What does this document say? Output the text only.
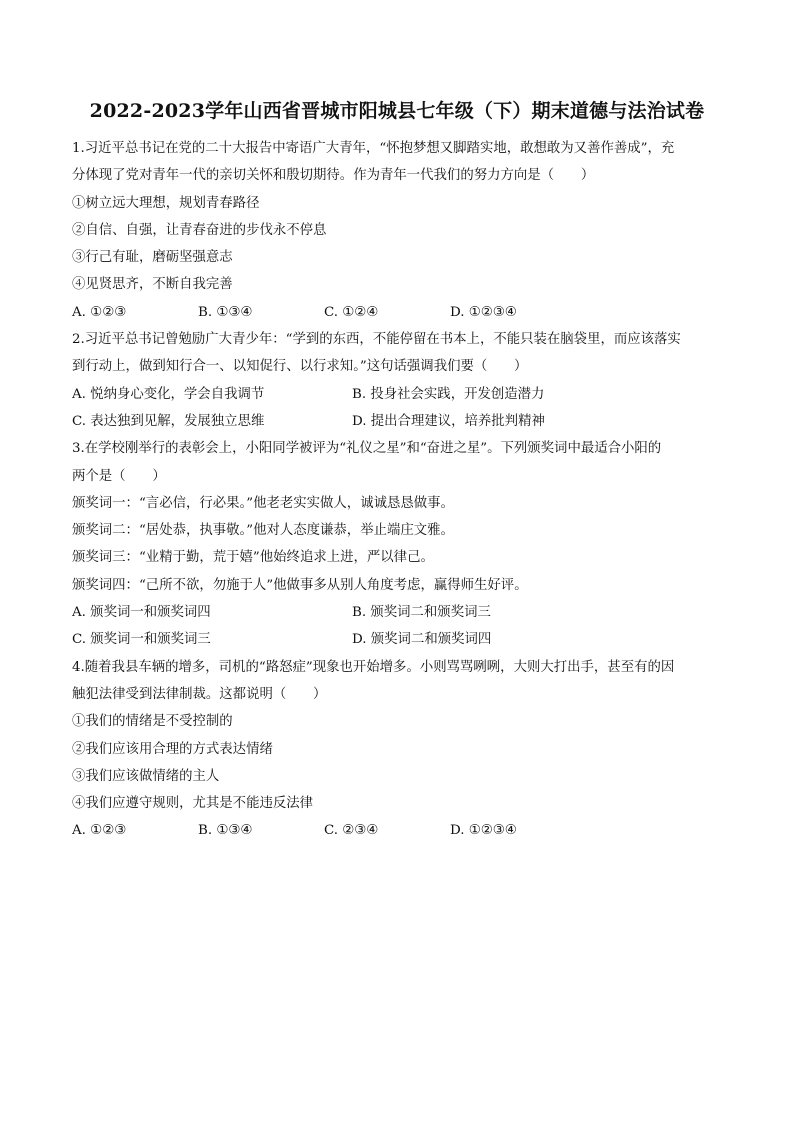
2022-2023学年山西省晋城市阳城县七年级（下）期末道德与法治试卷
1.习近平总书记在党的二十大报告中寄语广大青年，“怀抱梦想又脚踏实地，敢想敢为又善作善成”，充
分体现了党对青年一代的亲切关怀和殷切期待。作为青年一代我们的努力方向是（　　）
①树立远大理想，规划青春路径
②自信、自强，让青春奋进的步伐永不停息
③行己有耻，磨砺坚强意志
④见贤思齐，不断自我完善
A. ①②③	B. ①③④	C. ①②④	D. ①②③④
2.习近平总书记曾勉励广大青少年：“学到的东西，不能停留在书本上，不能只装在脑袋里，而应该落实
到行动上，做到知行合一、以知促行、以行求知。”这句话强调我们要（　　）
A. 悦纳身心变化，学会自我调节	B. 投身社会实践，开发创造潜力
C. 表达独到见解，发展独立思维	D. 提出合理建议，培养批判精神
3.在学校刚举行的表彰会上，小阳同学被评为“礼仪之星”和“奋进之星”。下列颁奖词中最适合小阳的
两个是（　　）
颁奖词一：“言必信，行必果。”他老老实实做人，诚诚恳恳做事。
颁奖词二：“居处恭，执事敬。”他对人态度谦恭，举止端庄文雅。
颁奖词三：“业精于勤，荒于嬉”他始终追求上进，严以律己。
颁奖词四：“己所不欲，勿施于人”他做事多从别人角度考虑，赢得师生好评。
A. 颁奖词一和颁奖词四	B. 颁奖词二和颁奖词三
C. 颁奖词一和颁奖词三	D. 颁奖词二和颁奖词四
4.随着我县车辆的增多，司机的“路怒症”现象也开始增多。小则骂骂咧咧，大则大打出手，甚至有的因
触犯法律受到法律制裁。这都说明（　　）
①我们的情绪是不受控制的
②我们应该用合理的方式表达情绪
③我们应该做情绪的主人
④我们应遵守规则，尤其是不能违反法律
A. ①②③	B. ①③④	C. ②③④	D. ①②③④
